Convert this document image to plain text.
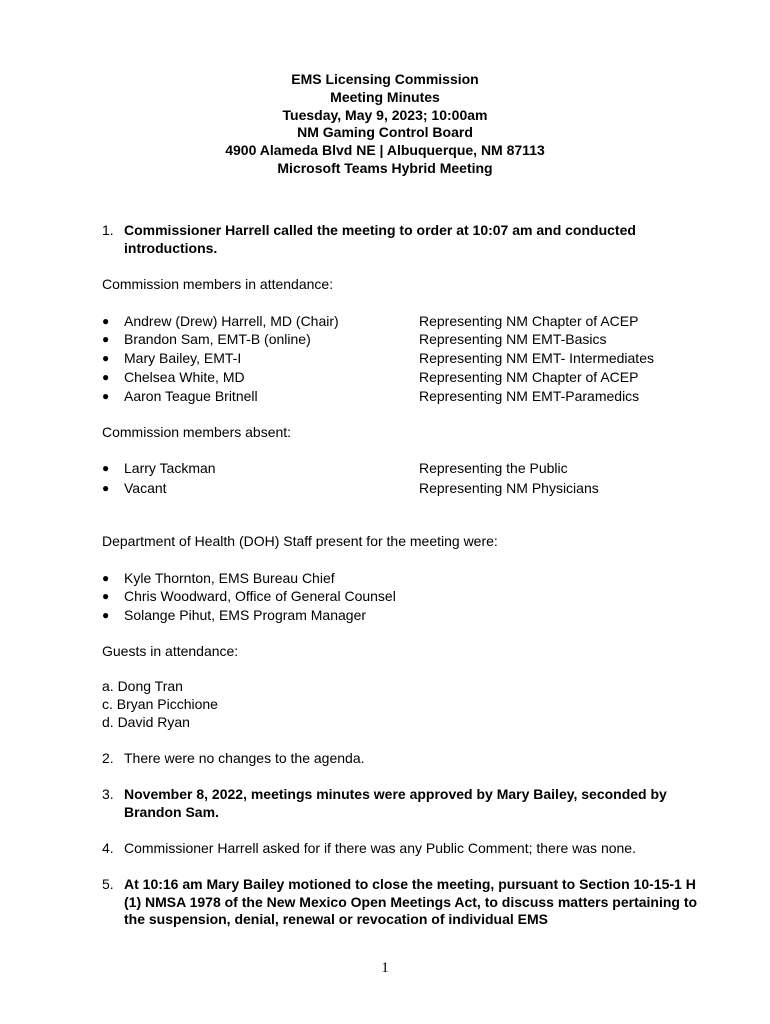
EMS Licensing Commission
Meeting Minutes
Tuesday, May 9, 2023; 10:00am
NM Gaming Control Board
4900 Alameda Blvd NE | Albuquerque, NM 87113
Microsoft Teams Hybrid Meeting
1. Commissioner Harrell called the meeting to order at 10:07 am and conducted introductions.
Commission members in attendance:
● Andrew (Drew) Harrell, MD (Chair)	Representing NM Chapter of ACEP
● Brandon Sam, EMT-B (online)	Representing NM EMT-Basics
● Mary Bailey, EMT-I	Representing NM EMT- Intermediates
● Chelsea White, MD	Representing NM Chapter of ACEP
● Aaron Teague Britnell	Representing NM EMT-Paramedics
Commission members absent:
● Larry Tackman	Representing the Public
● Vacant	Representing NM Physicians
Department of Health (DOH) Staff present for the meeting were:
● Kyle Thornton, EMS Bureau Chief
● Chris Woodward, Office of General Counsel
● Solange Pihut, EMS Program Manager
Guests in attendance:
a. Dong Tran
c. Bryan Picchione
d. David Ryan
2. There were no changes to the agenda.
3. November 8, 2022, meetings minutes were approved by Mary Bailey, seconded by Brandon Sam.
4. Commissioner Harrell asked for if there was any Public Comment; there was none.
5. At 10:16 am Mary Bailey motioned to close the meeting, pursuant to Section 10-15-1 H (1) NMSA 1978 of the New Mexico Open Meetings Act, to discuss matters pertaining to the suspension, denial, renewal or revocation of individual EMS
1
